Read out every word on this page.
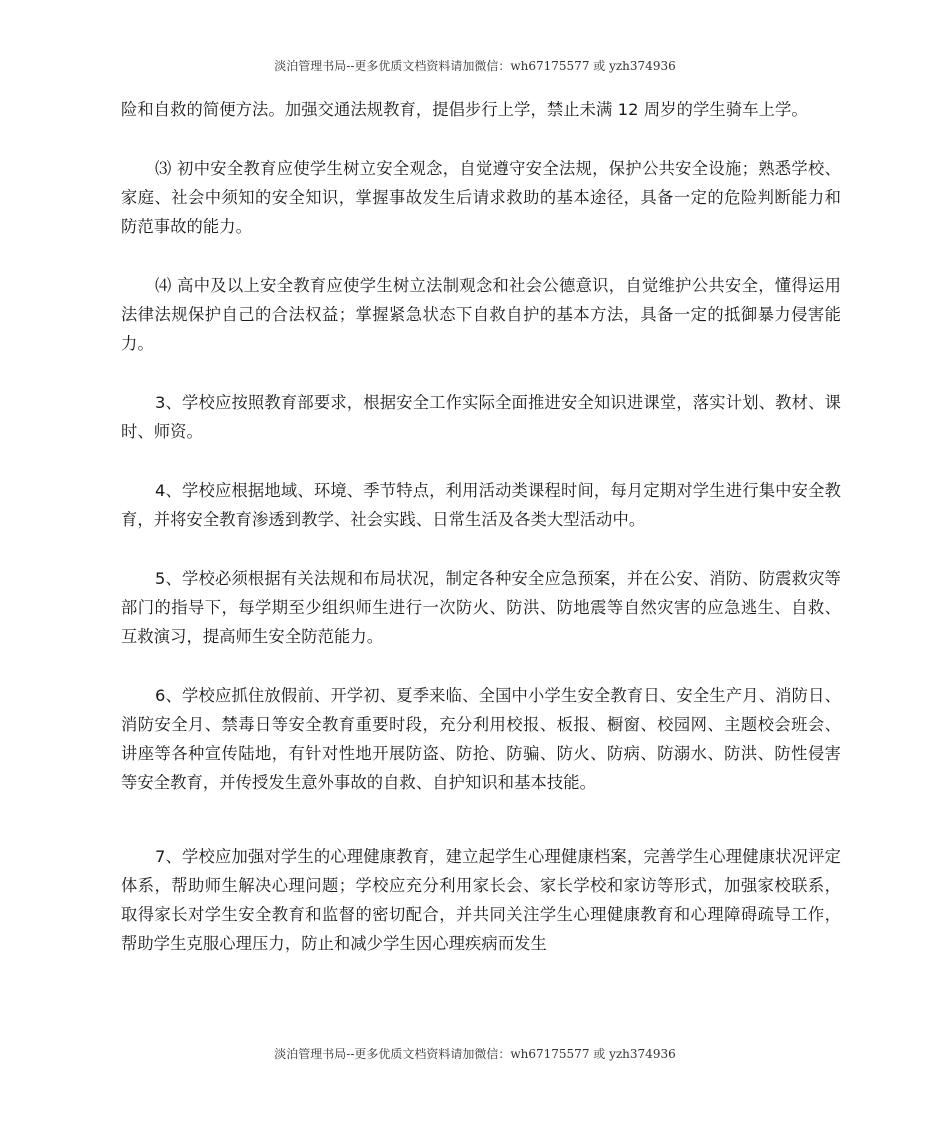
淡泊管理书局--更多优质文档资料请加微信：wh67175577 或 yzh374936

险和自救的简便方法。加强交通法规教育，提倡步行上学，禁止未满 12 周岁的学生骑车上学。

⑶ 初中安全教育应使学生树立安全观念，自觉遵守安全法规，保护公共安全设施；熟悉学校、家庭、社会中须知的安全知识，掌握事故发生后请求救助的基本途径，具备一定的危险判断能力和防范事故的能力。

⑷ 高中及以上安全教育应使学生树立法制观念和社会公德意识，自觉维护公共安全，懂得运用法律法规保护自己的合法权益；掌握紧急状态下自救自护的基本方法，具备一定的抵御暴力侵害能力。

3、学校应按照教育部要求，根据安全工作实际全面推进安全知识进课堂，落实计划、教材、课时、师资。

4、学校应根据地域、环境、季节特点，利用活动类课程时间，每月定期对学生进行集中安全教育，并将安全教育渗透到教学、社会实践、日常生活及各类大型活动中。

5、学校必须根据有关法规和布局状况，制定各种安全应急预案，并在公安、消防、防震救灾等部门的指导下，每学期至少组织师生进行一次防火、防洪、防地震等自然灾害的应急逃生、自救、互救演习，提高师生安全防范能力。

6、学校应抓住放假前、开学初、夏季来临、全国中小学生安全教育日、安全生产月、消防日、消防安全月、禁毒日等安全教育重要时段，充分利用校报、板报、橱窗、校园网、主题校会班会、讲座等各种宣传陆地，有针对性地开展防盗、防抢、防骗、防火、防病、防溺水、防洪、防性侵害等安全教育，并传授发生意外事故的自救、自护知识和基本技能。

7、学校应加强对学生的心理健康教育，建立起学生心理健康档案，完善学生心理健康状况评定体系，帮助师生解决心理问题；学校应充分利用家长会、家长学校和家访等形式，加强家校联系，取得家长对学生安全教育和监督的密切配合，并共同关注学生心理健康教育和心理障碍疏导工作，帮助学生克服心理压力，防止和减少学生因心理疾病而发生

淡泊管理书局--更多优质文档资料请加微信：wh67175577 或 yzh374936
